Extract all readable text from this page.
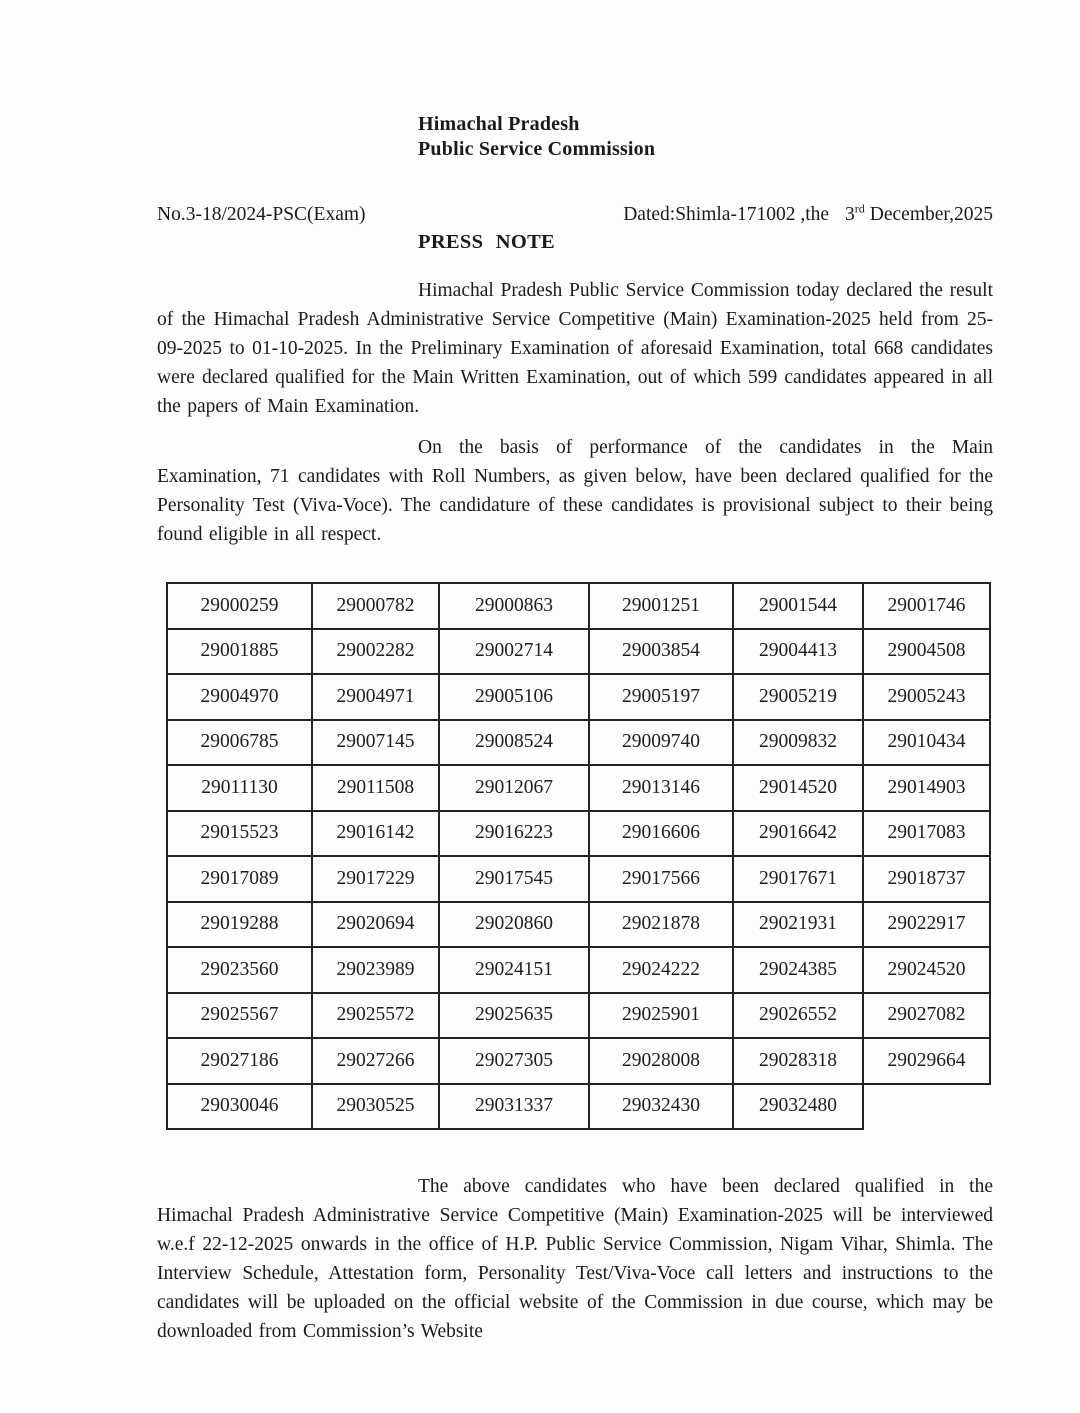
Himachal Pradesh
Public Service Commission
No.3-18/2024-PSC(Exam)	Dated:Shimla-171002 ,the 3rd December,2025
PRESS NOTE

Himachal Pradesh Public Service Commission today declared the result of the Himachal Pradesh Administrative Service Competitive (Main) Examination-2025 held from 25-09-2025 to 01-10-2025. In the Preliminary Examination of aforesaid Examination, total 668 candidates were declared qualified for the Main Written Examination, out of which 599 candidates appeared in all the papers of Main Examination.

On the basis of performance of the candidates in the Main Examination, 71 candidates with Roll Numbers, as given below, have been declared qualified for the Personality Test (Viva-Voce). The candidature of these candidates is provisional subject to their being found eligible in all respect.

29000259	29000782	29000863	29001251	29001544	29001746
29001885	29002282	29002714	29003854	29004413	29004508
29004970	29004971	29005106	29005197	29005219	29005243
29006785	29007145	29008524	29009740	29009832	29010434
29011130	29011508	29012067	29013146	29014520	29014903
29015523	29016142	29016223	29016606	29016642	29017083
29017089	29017229	29017545	29017566	29017671	29018737
29019288	29020694	29020860	29021878	29021931	29022917
29023560	29023989	29024151	29024222	29024385	29024520
29025567	29025572	29025635	29025901	29026552	29027082
29027186	29027266	29027305	29028008	29028318	29029664
29030046	29030525	29031337	29032430	29032480	

The above candidates who have been declared qualified in the Himachal Pradesh Administrative Service Competitive (Main) Examination-2025 will be interviewed w.e.f 22-12-2025 onwards in the office of H.P. Public Service Commission, Nigam Vihar, Shimla. The Interview Schedule, Attestation form, Personality Test/Viva-Voce call letters and instructions to the candidates will be uploaded on the official website of the Commission in due course, which may be downloaded from Commission’s Website
